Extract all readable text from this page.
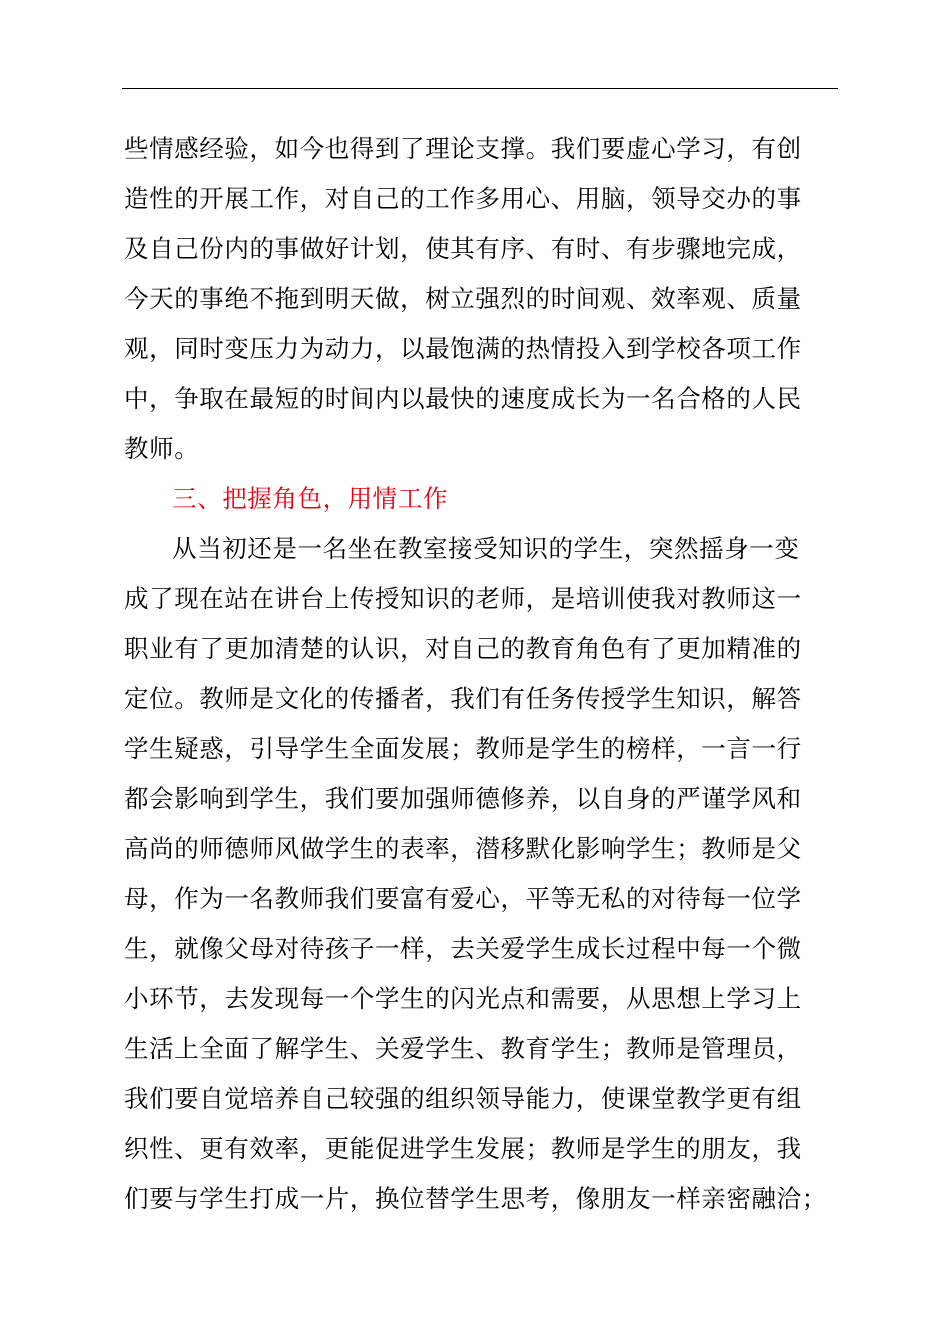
些情感经验，如今也得到了理论支撑。我们要虚心学习，有创
造性的开展工作，对自己的工作多用心、用脑，领导交办的事
及自己份内的事做好计划，使其有序、有时、有步骤地完成，
今天的事绝不拖到明天做，树立强烈的时间观、效率观、质量
观，同时变压力为动力，以最饱满的热情投入到学校各项工作
中，争取在最短的时间内以最快的速度成长为一名合格的人民
教师。
三、把握角色，用情工作
从当初还是一名坐在教室接受知识的学生，突然摇身一变
成了现在站在讲台上传授知识的老师，是培训使我对教师这一
职业有了更加清楚的认识，对自己的教育角色有了更加精准的
定位。教师是文化的传播者，我们有任务传授学生知识，解答
学生疑惑，引导学生全面发展；教师是学生的榜样，一言一行
都会影响到学生，我们要加强师德修养，以自身的严谨学风和
高尚的师德师风做学生的表率，潜移默化影响学生；教师是父
母，作为一名教师我们要富有爱心，平等无私的对待每一位学
生，就像父母对待孩子一样，去关爱学生成长过程中每一个微
小环节，去发现每一个学生的闪光点和需要，从思想上学习上
生活上全面了解学生、关爱学生、教育学生；教师是管理员，
我们要自觉培养自己较强的组织领导能力，使课堂教学更有组
织性、更有效率，更能促进学生发展；教师是学生的朋友，我
们要与学生打成一片，换位替学生思考，像朋友一样亲密融洽；
